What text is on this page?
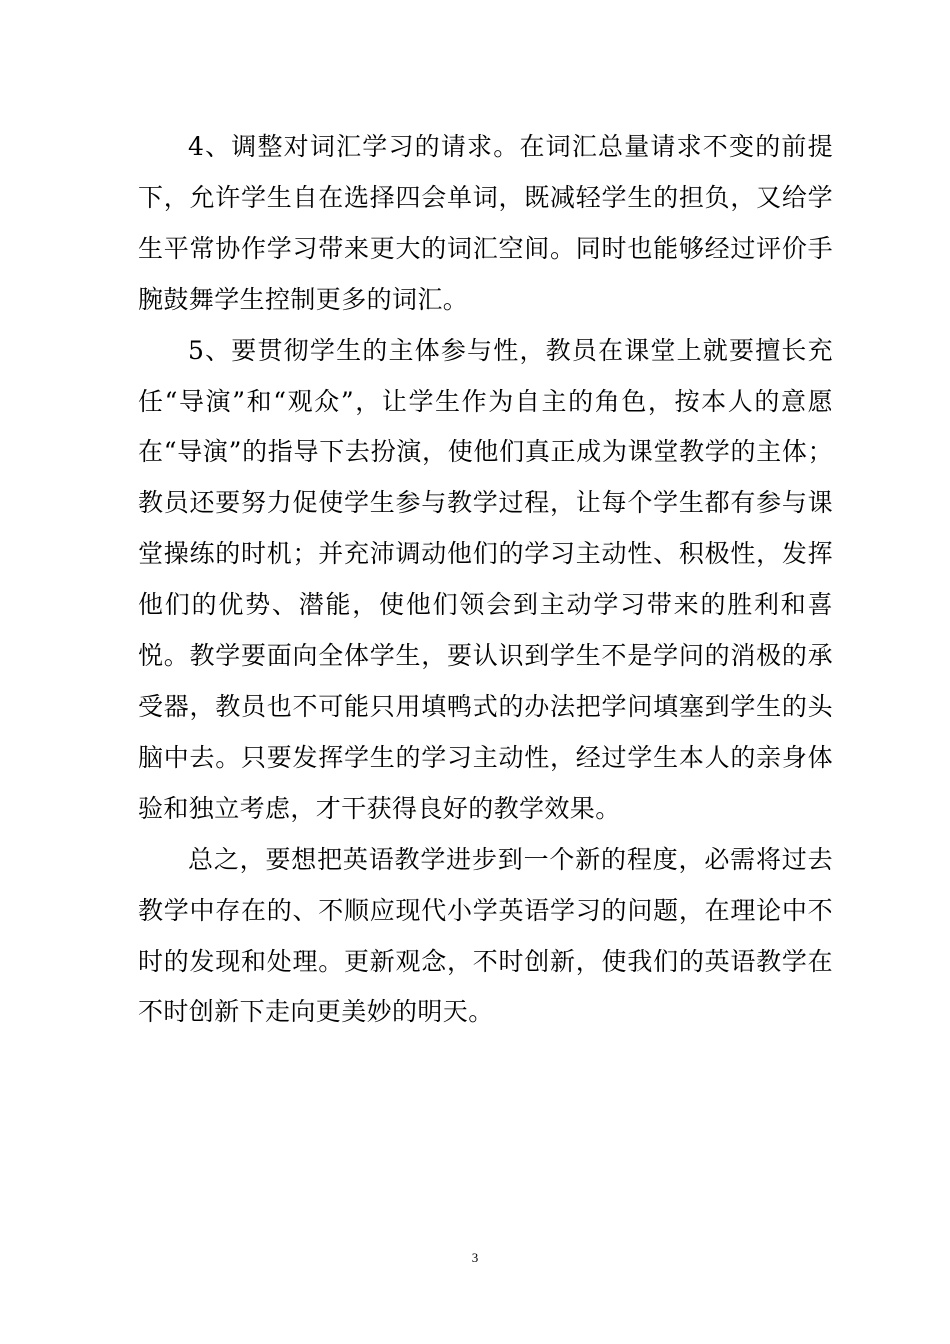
4、调整对词汇学习的请求。在词汇总量请求不变的前提下，允许学生自在选择四会单词，既减轻学生的担负，又给学生平常协作学习带来更大的词汇空间。同时也能够经过评价手腕鼓舞学生控制更多的词汇。

5、要贯彻学生的主体参与性，教员在课堂上就要擅长充任“导演”和“观众”，让学生作为自主的角色，按本人的意愿在“导演”的指导下去扮演，使他们真正成为课堂教学的主体；教员还要努力促使学生参与教学过程，让每个学生都有参与课堂操练的时机；并充沛调动他们的学习主动性、积极性，发挥他们的优势、潜能，使他们领会到主动学习带来的胜利和喜悦。教学要面向全体学生，要认识到学生不是学问的消极的承受器，教员也不可能只用填鸭式的办法把学问填塞到学生的头脑中去。只要发挥学生的学习主动性，经过学生本人的亲身体验和独立考虑，才干获得良好的教学效果。

总之，要想把英语教学进步到一个新的程度，必需将过去教学中存在的、不顺应现代小学英语学习的问题，在理论中不时的发现和处理。更新观念，不时创新，使我们的英语教学在不时创新下走向更美妙的明天。

3
